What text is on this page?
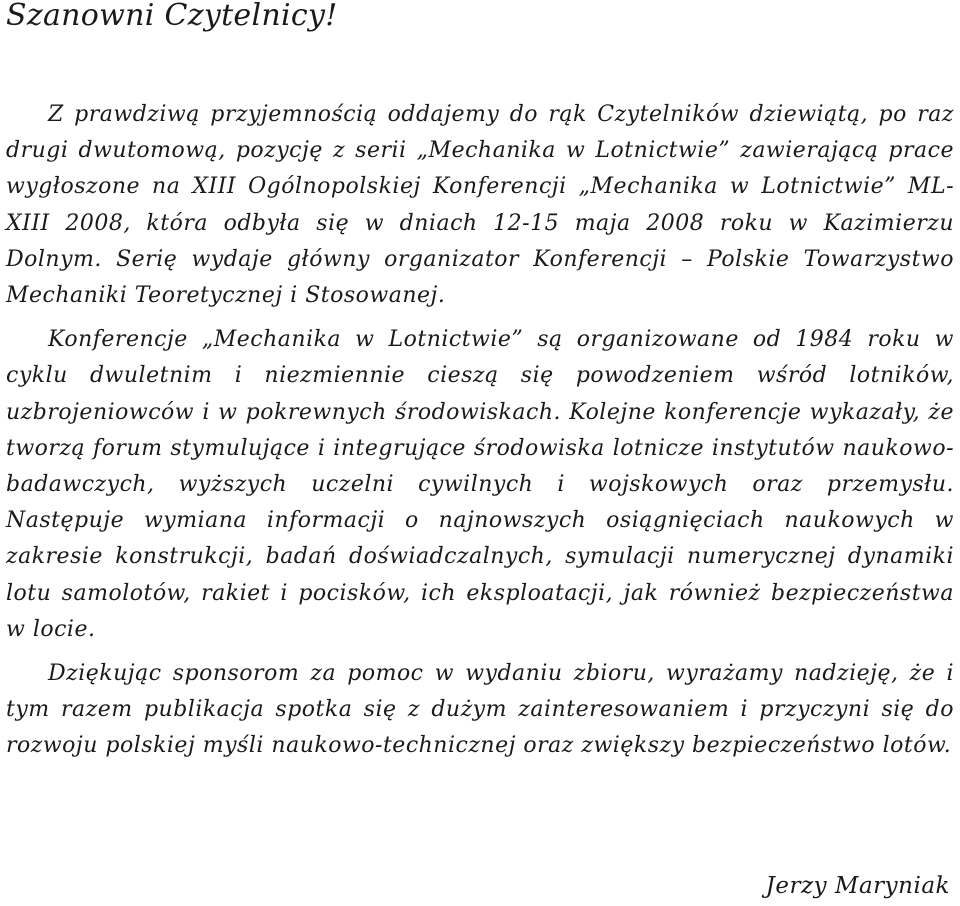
Szanowni Czytelnicy!

Z prawdziwą przyjemnością oddajemy do rąk Czytelników dziewiątą, po raz drugi dwutomową, pozycję z serii „Mechanika w Lotnictwie” zawierającą prace wygłoszone na XIII Ogólnopolskiej Konferencji „Mechanika w Lotnictwie” ML-XIII 2008, która odbyła się w dniach 12-15 maja 2008 roku w Kazimierzu Dolnym. Serię wydaje główny organizator Konferencji – Polskie Towarzystwo Mechaniki Teoretycznej i Stosowanej.

Konferencje „Mechanika w Lotnictwie” są organizowane od 1984 roku w cyklu dwuletnim i niezmiennie cieszą się powodzeniem wśród lotników, uzbrojeniowców i w pokrewnych środowiskach. Kolejne konferencje wykazały, że tworzą forum stymulujące i integrujące środowiska lotnicze instytutów naukowo-badawczych, wyższych uczelni cywilnych i wojskowych oraz przemysłu. Następuje wymiana informacji o najnowszych osiągnięciach naukowych w zakresie konstrukcji, badań doświadczalnych, symulacji numerycznej dynamiki lotu samolotów, rakiet i pocisków, ich eksploatacji, jak również bezpieczeństwa w locie.

Dziękując sponsorom za pomoc w wydaniu zbioru, wyrażamy nadzieję, że i tym razem publikacja spotka się z dużym zainteresowaniem i przyczyni się do rozwoju polskiej myśli naukowo-technicznej oraz zwiększy bezpieczeństwo lotów.

Jerzy Maryniak
